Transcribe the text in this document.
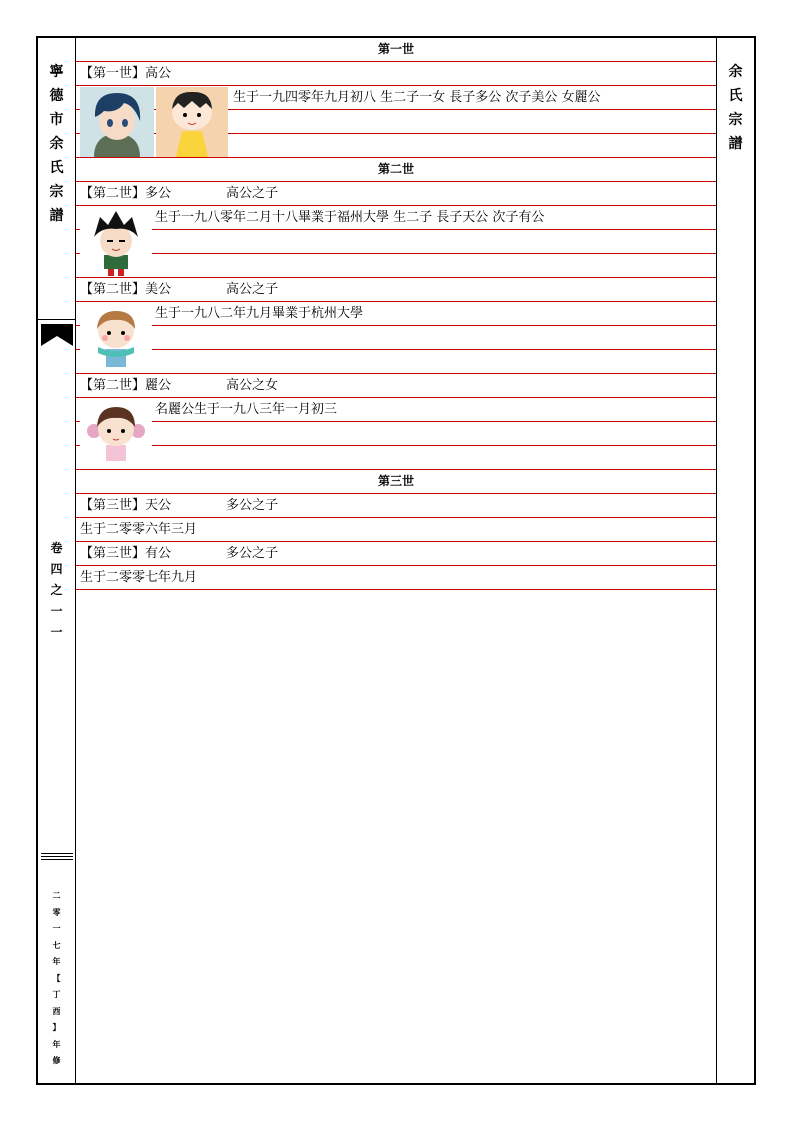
寧
德
市
余
氏
宗
譜
卷
四
之
一
一
二
零
一
七
年
【
丁
酉
】
年
修
余
氏
宗
譜
第一世
【第一世】高公
生于一九四零年九月初八 生二子一女 長子多公 次子美公 女麗公
第二世
【第二世】多公	高公之子
生于一九八零年二月十八畢業于福州大學 生二子 長子天公 次子有公
【第二世】美公	高公之子
生于一九八二年九月畢業于杭州大學
【第二世】麗公	高公之女
名麗公生于一九八三年一月初三
第三世
【第三世】天公	多公之子
生于二零零六年三月
【第三世】有公	多公之子
生于二零零七年九月
